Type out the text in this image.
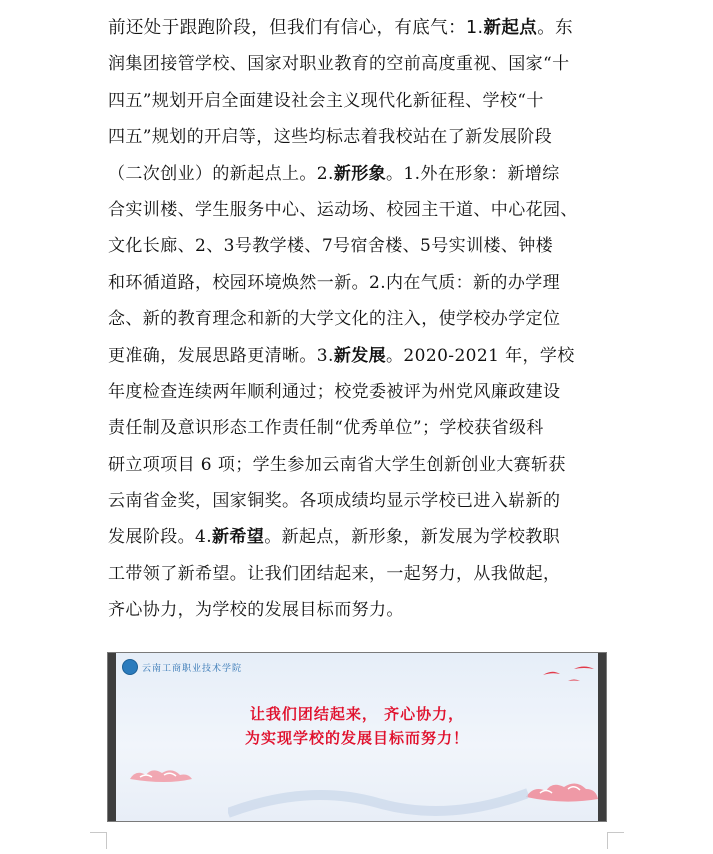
前还处于跟跑阶段，但我们有信心，有底气：1.新起点。东
润集团接管学校、国家对职业教育的空前高度重视、国家“十
四五”规划开启全面建设社会主义现代化新征程、学校“十
四五”规划的开启等，这些均标志着我校站在了新发展阶段
（二次创业）的新起点上。2.新形象。1.外在形象：新增综
合实训楼、学生服务中心、运动场、校园主干道、中心花园、
文化长廊、2、3号教学楼、7号宿舍楼、5号实训楼、钟楼
和环循道路，校园环境焕然一新。2.内在气质：新的办学理
念、新的教育理念和新的大学文化的注入，使学校办学定位
更准确，发展思路更清晰。3.新发展。2020-2021 年，学校
年度检查连续两年顺利通过；校党委被评为州党风廉政建设
责任制及意识形态工作责任制“优秀单位”；学校获省级科
研立项项目 6 项；学生参加云南省大学生创新创业大赛斩获
云南省金奖，国家铜奖。各项成绩均显示学校已进入崭新的
发展阶段。4.新希望。新起点，新形象，新发展为学校教职
工带领了新希望。让我们团结起来，一起努力，从我做起，
齐心协力，为学校的发展目标而努力。
云南工商职业技术学院
让我们团结起来， 齐心协力，
为实现学校的发展目标而努力！
